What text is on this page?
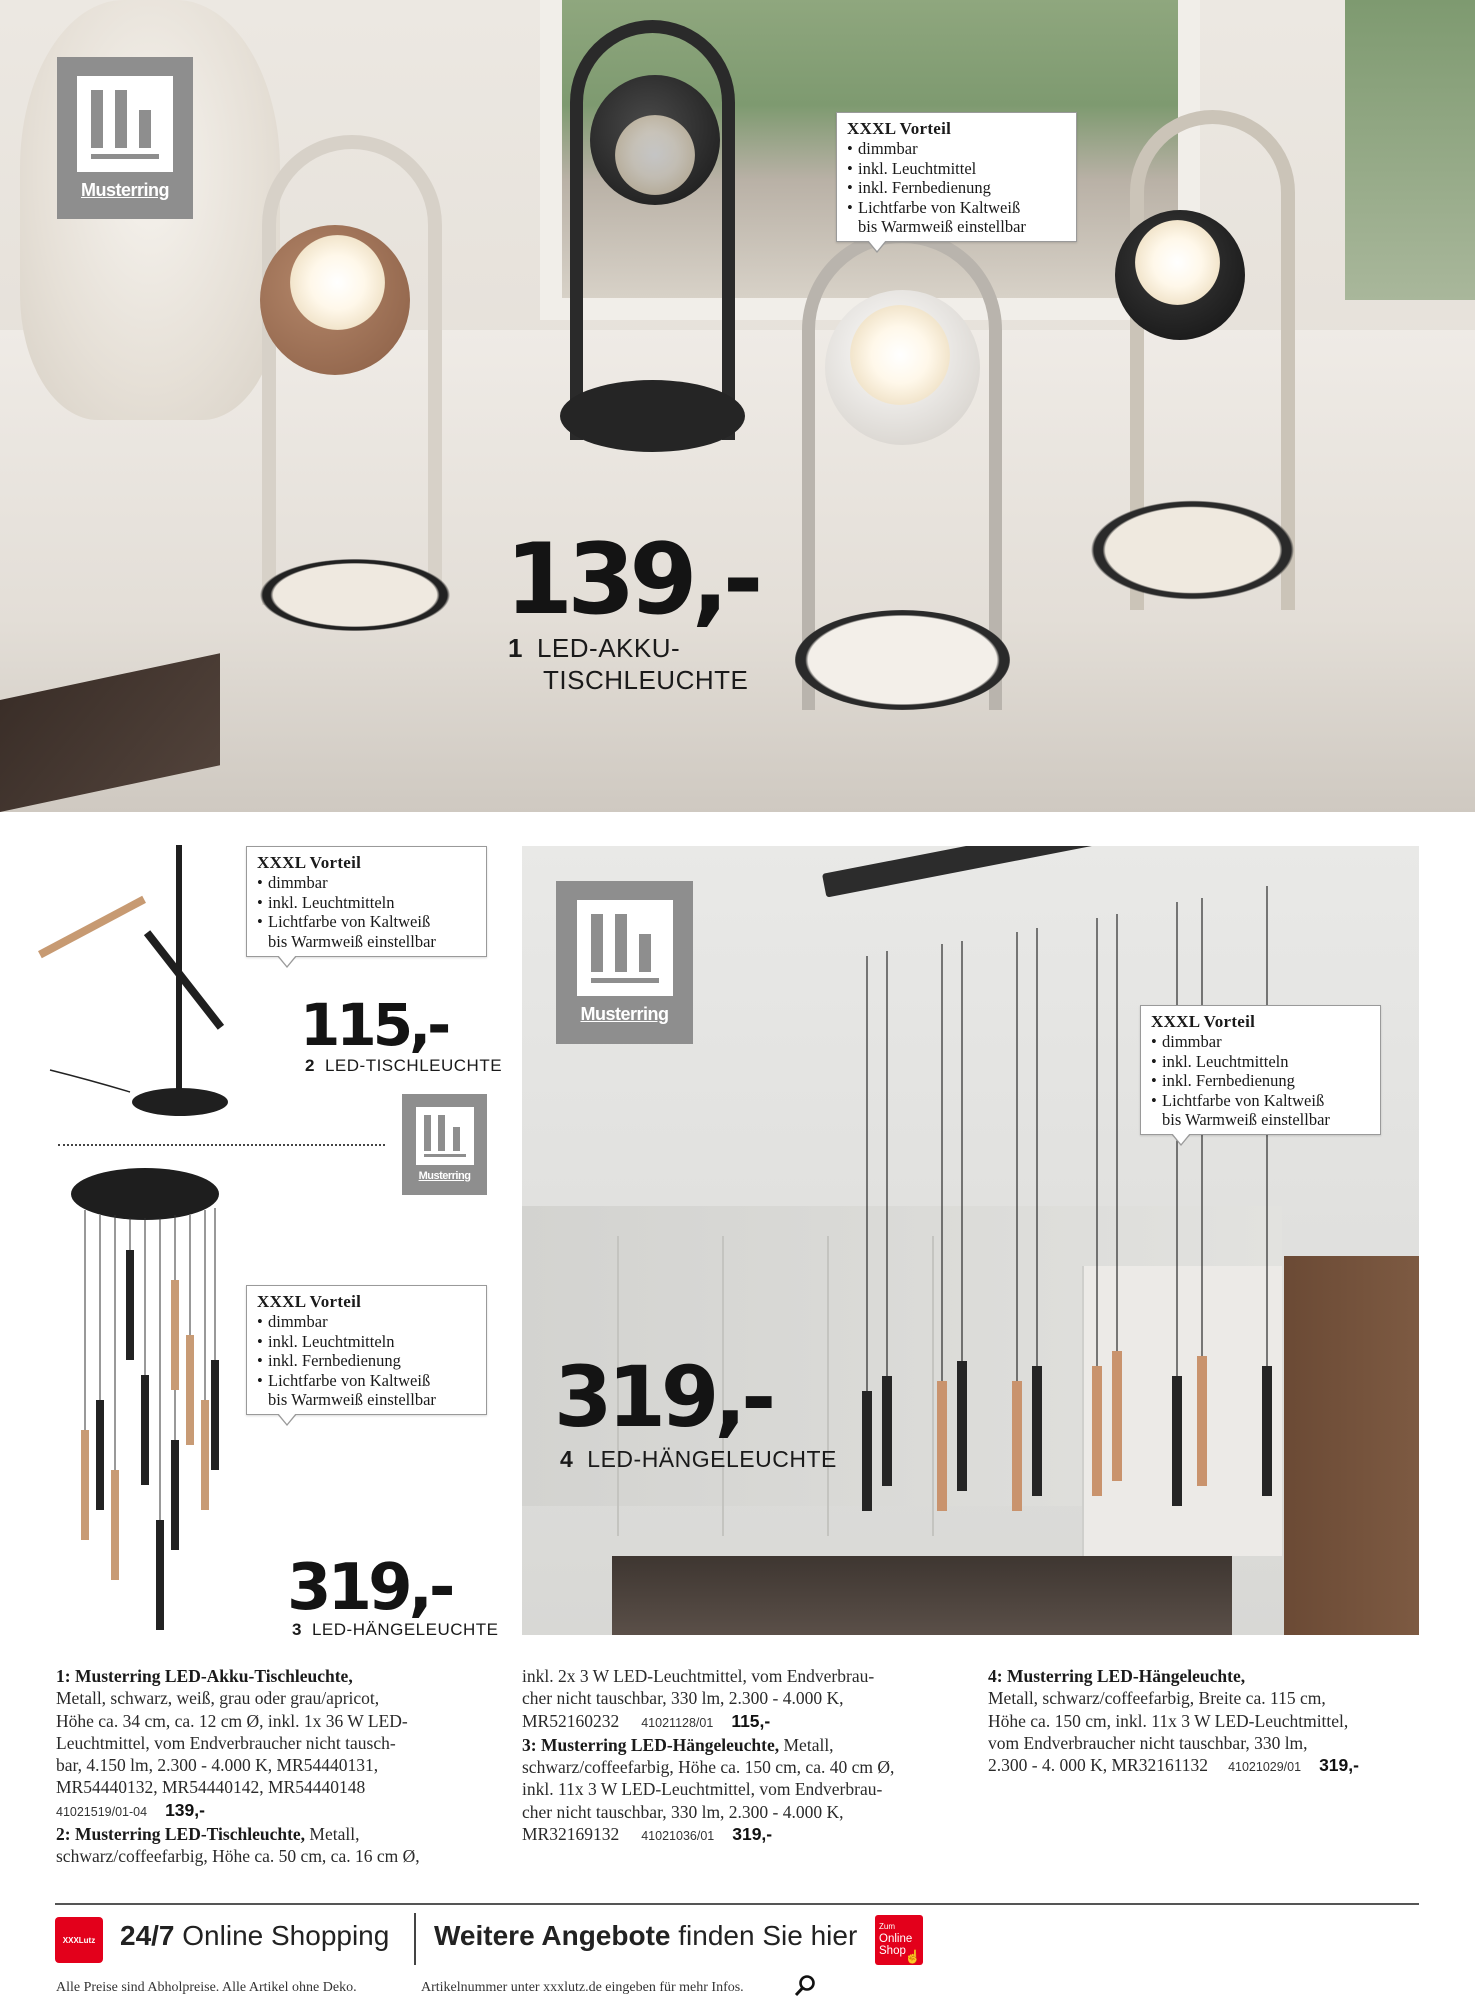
Musterring
XXXL Vorteil
• dimmbar
• inkl. Leuchtmittel
• inkl. Fernbedienung
• Lichtfarbe von Kaltweiß
bis Warmweiß einstellbar
139,-
1 LED-AKKU-
TISCHLEUCHTE
XXXL Vorteil
• dimmbar
• inkl. Leuchtmitteln
• Lichtfarbe von Kaltweiß
bis Warmweiß einstellbar
115,-
2 LED-TISCHLEUCHTE
Musterring
XXXL Vorteil
• dimmbar
• inkl. Leuchtmitteln
• inkl. Fernbedienung
• Lichtfarbe von Kaltweiß
bis Warmweiß einstellbar
319,-
3 LED-HÄNGELEUCHTE
Musterring	XXXL Vorteil
• dimmbar
• inkl. Leuchtmitteln
• inkl. Fernbedienung
• Lichtfarbe von Kaltweiß
bis Warmweiß einstellbar
319,-
4 LED-HÄNGELEUCHTE

1: Musterring LED-Akku-Tischleuchte,

Metall, schwarz, weiß, grau oder grau/apricot,

Höhe ca. 34 cm, ca. 12 cm Ø, inkl. 1x 36 W LED-

Leuchtmittel, vom Endverbraucher nicht tausch-

bar, 4.150 lm, 2.300 - 4.000 K, MR54440131,

MR54440132, MR54440142, MR54440148

41021519/01-04 139,-

2: Musterring LED-Tischleuchte, Metall,

schwarz/coffeefarbig, Höhe ca. 50 cm, ca. 16 cm Ø,

inkl. 2x 3 W LED-Leuchtmittel, vom Endverbrau-

cher nicht tauschbar, 330 lm, 2.300 - 4.000 K,

MR52160232 41021128/01 115,-

3: Musterring LED-Hängeleuchte, Metall,

schwarz/coffeefarbig, Höhe ca. 150 cm, ca. 40 cm Ø,

inkl. 11x 3 W LED-Leuchtmittel, vom Endverbrau-

cher nicht tauschbar, 330 lm, 2.300 - 4.000 K,

MR32169132 41021036/01 319,-

4: Musterring LED-Hängeleuchte,

Metall, schwarz/coffeefarbig, Breite ca. 115 cm,

Höhe ca. 150 cm, inkl. 11x 3 W LED-Leuchtmittel,

vom Endverbraucher nicht tauschbar, 330 lm,

2.300 - 4. 000 K, MR32161132 41021029/01 319,-

XXXLutz 24/7 Online Shopping Weitere Angebote finden Sie hier	Zum
Online
Shop
☝
Alle Preise sind Abholpreise. Alle Artikel ohne Deko.	Artikelnummer unter xxxlutz.de eingeben für mehr Infos.
